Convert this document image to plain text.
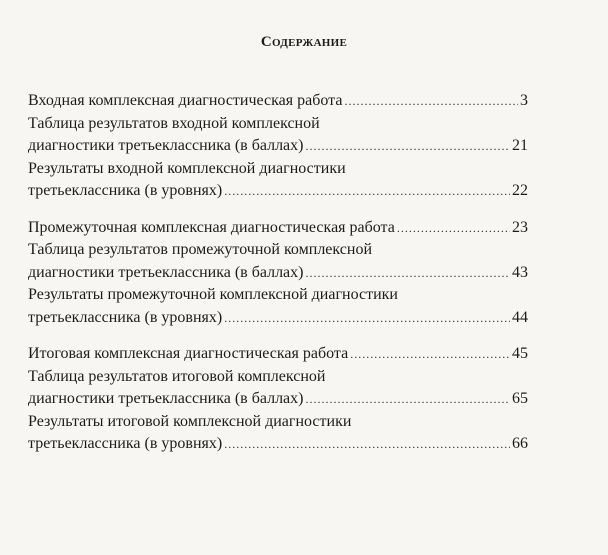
Содержание
Входная комплексная диагностическая работа .....	3
Таблица результатов входной комплексной
диагностики третьеклассника (в баллах) .....	21
Результаты входной комплексной диагностики
третьеклассника (в уровнях) .....	22
Промежуточная комплексная диагностическая работа .....	23
Таблица результатов промежуточной комплексной
диагностики третьеклассника (в баллах) .....	43
Результаты промежуточной комплексной диагностики
третьеклассника (в уровнях) .....	44
Итоговая комплексная диагностическая работа .....	45
Таблица результатов итоговой комплексной
диагностики третьеклассника (в баллах) .....	65
Результаты итоговой комплексной диагностики
третьеклассника (в уровнях) .....	66
